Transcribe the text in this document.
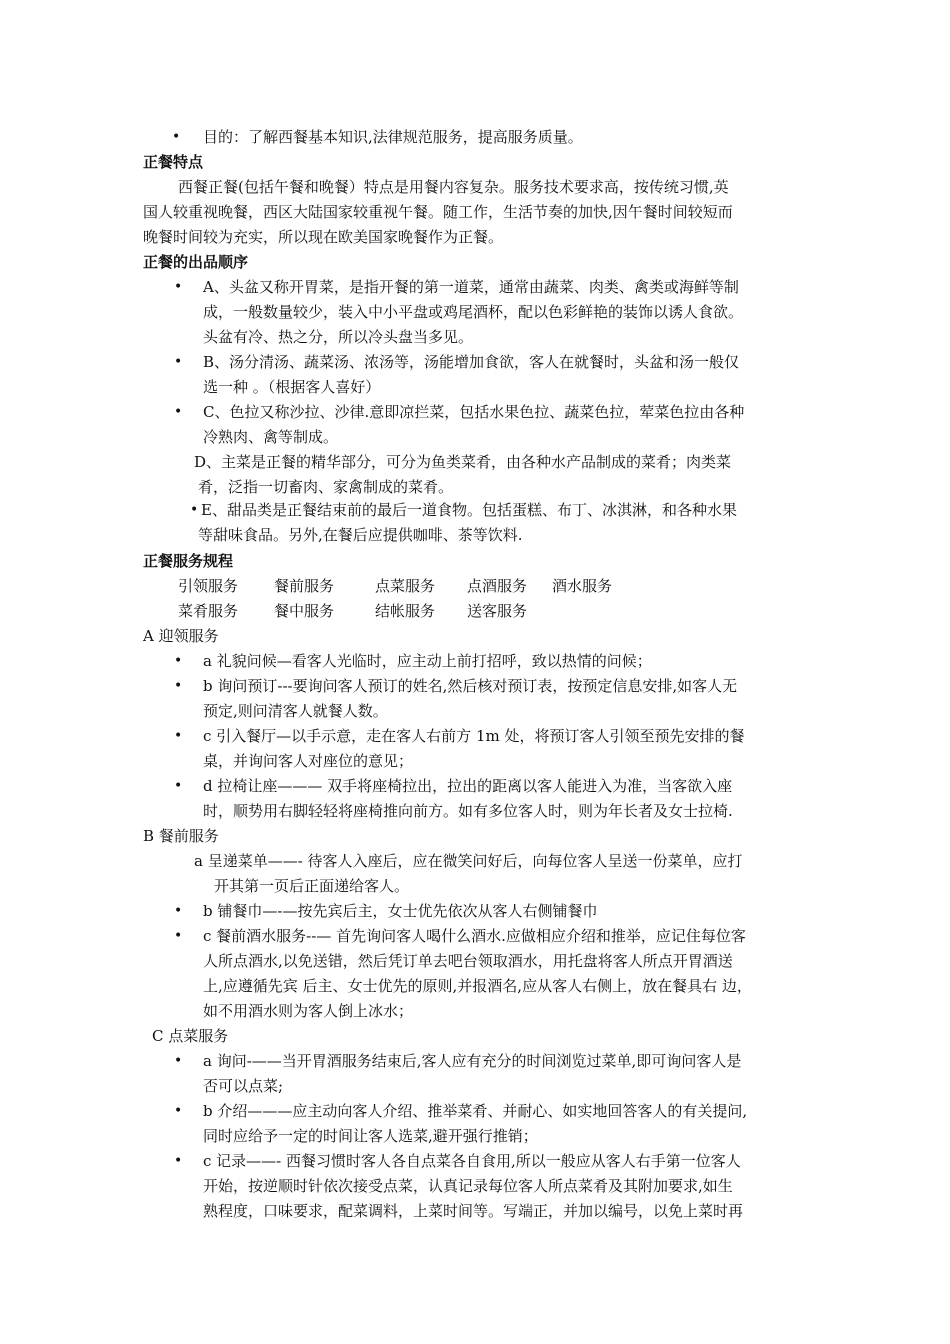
• 目的：了解西餐基本知识,法律规范服务，提高服务质量。
正餐特点
西餐正餐(包括午餐和晚餐）特点是用餐内容复杂。服务技术要求高，按传统习惯,英
国人较重视晚餐，西区大陆国家较重视午餐。随工作，生活节奏的加快,因午餐时间较短而
晚餐时间较为充实，所以现在欧美国家晚餐作为正餐。
正餐的出品顺序
• A、头盆又称开胃菜，是指开餐的第一道菜，通常由蔬菜、肉类、禽类或海鲜等制
成，一般数量较少，装入中小平盘或鸡尾酒杯，配以色彩鲜艳的装饰以诱人食欲。
头盆有冷、热之分，所以冷头盘当多见。
• B、汤分清汤、蔬菜汤、浓汤等，汤能增加食欲，客人在就餐时，头盆和汤一般仅
选一种 。（根据客人喜好）
• C、色拉又称沙拉、沙律.意即凉拦菜，包括水果色拉、蔬菜色拉，荤菜色拉由各种
冷熟肉、禽等制成。
D、主菜是正餐的精华部分，可分为鱼类菜肴，由各种水产品制成的菜肴；肉类菜
肴，泛指一切畜肉、家禽制成的菜肴。
• E、甜品类是正餐结束前的最后一道食物。包括蛋糕、布丁、冰淇淋，和各种水果
等甜味食品。另外,在餐后应提供咖啡、茶等饮料.
正餐服务规程
引领服务 餐前服务	点菜服务 点酒服务 酒水服务
菜肴服务 餐中服务	结帐服务 送客服务
A 迎领服务
• a 礼貌问候—看客人光临时，应主动上前打招呼，致以热情的问候；
• b 询问预订---要询问客人预订的姓名,然后核对预订表，按预定信息安排,如客人无
预定,则问清客人就餐人数。
• c 引入餐厅—以手示意，走在客人右前方 1m 处，将预订客人引领至预先安排的餐
桌，并询问客人对座位的意见；
• d 拉椅让座——— 双手将座椅拉出，拉出的距离以客人能进入为准，当客欲入座
时，顺势用右脚轻轻将座椅推向前方。如有多位客人时，则为年长者及女士拉椅.
B 餐前服务
a 呈递菜单——- 待客人入座后，应在微笑问好后，向每位客人呈送一份菜单，应打
开其第一页后正面递给客人。
• b 铺餐巾—-—按先宾后主，女士优先依次从客人右侧铺餐巾
• c 餐前酒水服务--— 首先询问客人喝什么酒水.应做相应介绍和推举，应记住每位客
人所点酒水,以免送错，然后凭订单去吧台领取酒水，用托盘将客人所点开胃酒送
上,应遵循先宾 后主、女士优先的原则,并报酒名,应从客人右侧上，放在餐具右 边，
如不用酒水则为客人倒上冰水；
C 点菜服务
• a 询问-——当开胃酒服务结束后,客人应有充分的时间浏览过菜单,即可询问客人是
否可以点菜;
• b 介绍———应主动向客人介绍、推举菜肴、并耐心、如实地回答客人的有关提问,
同时应给予一定的时间让客人选菜,避开强行推销；
• c 记录——- 西餐习惯时客人各自点菜各自食用,所以一般应从客人右手第一位客人
开始，按逆顺时针依次接受点菜，认真记录每位客人所点菜肴及其附加要求,如生
熟程度，口味要求，配菜调料，上菜时间等。写端正，并加以编号，以免上菜时再
